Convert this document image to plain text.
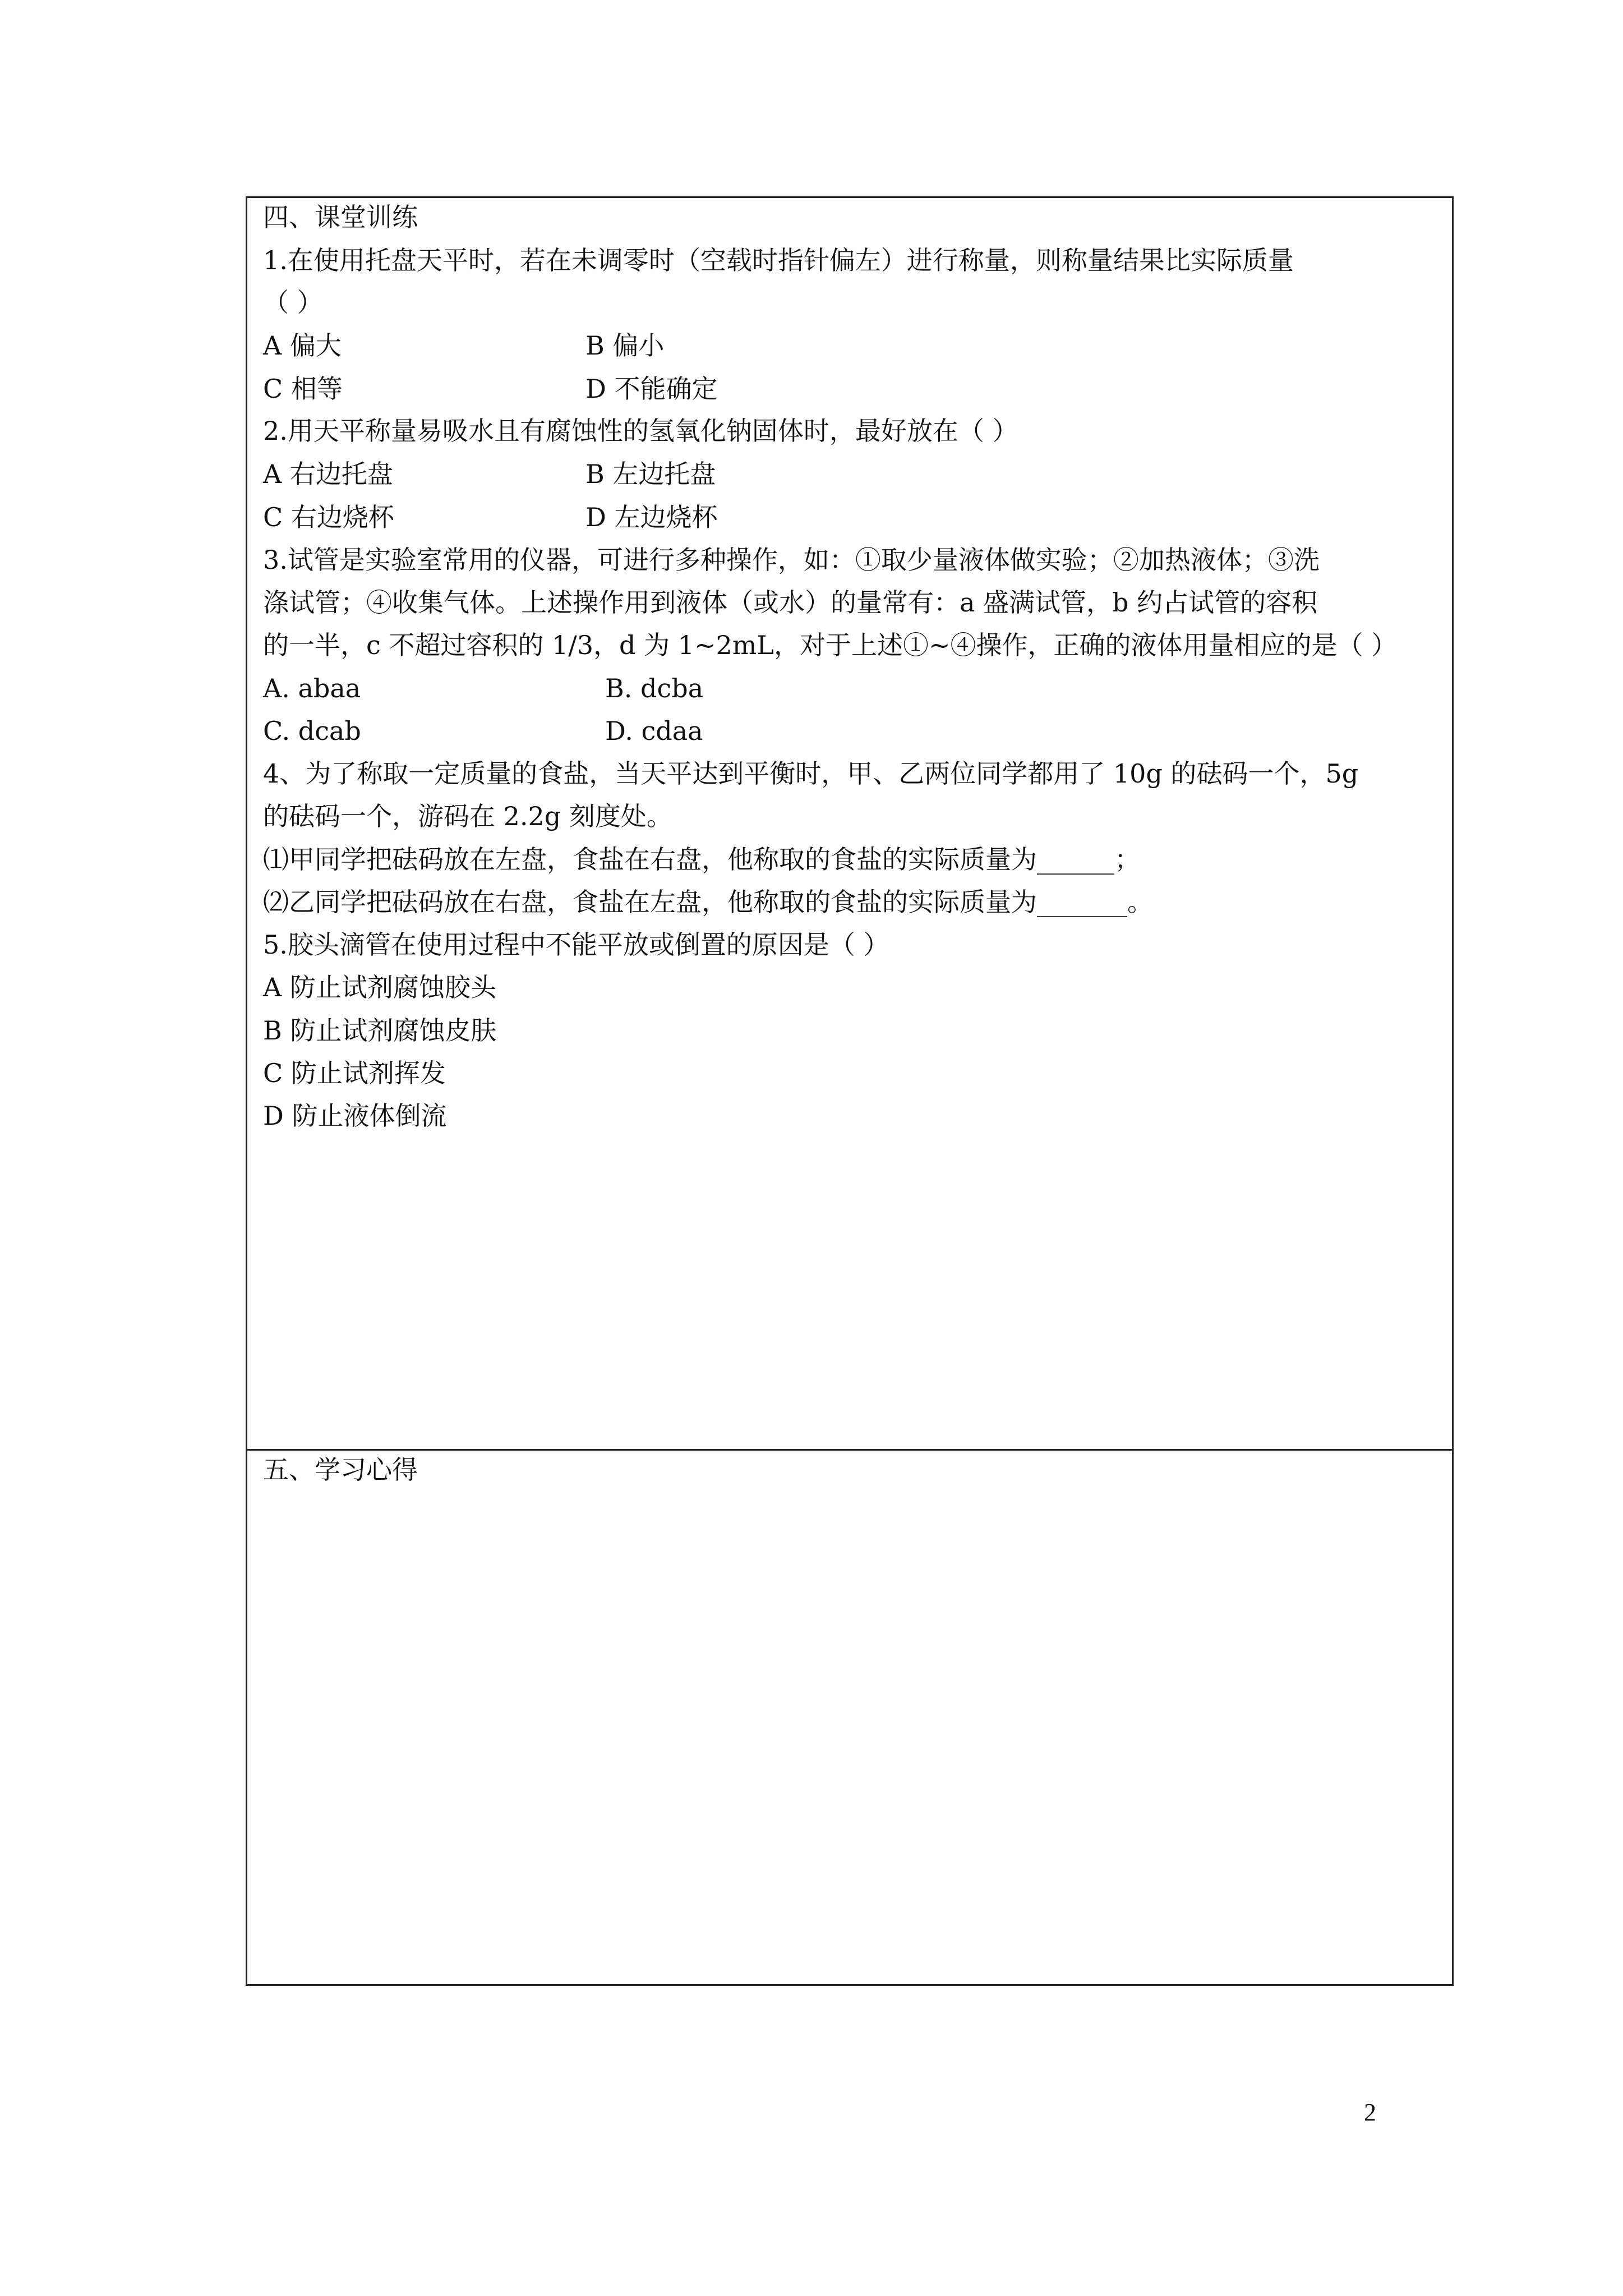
四、课堂训练
1.在使用托盘天平时，若在未调零时（空载时指针偏左）进行称量，则称量结果比实际质量
（ ）
A 偏大	B 偏小
C 相等	D 不能确定
2.用天平称量易吸水且有腐蚀性的氢氧化钠固体时，最好放在（ ）
A 右边托盘	B 左边托盘
C 右边烧杯	D 左边烧杯
3.试管是实验室常用的仪器，可进行多种操作，如：①取少量液体做实验；②加热液体；③洗
涤试管；④收集气体。上述操作用到液体（或水）的量常有：a 盛满试管，b 约占试管的容积
的一半，c 不超过容积的 1/3，d 为 1~2mL，对于上述①~④操作，正确的液体用量相应的是（ ）
A. abaa	B. dcba
C. dcab	D. cdaa
4、为了称取一定质量的食盐，当天平达到平衡时，甲、乙两位同学都用了 10g 的砝码一个，5g
的砝码一个，游码在 2.2g 刻度处。
⑴甲同学把砝码放在左盘，食盐在右盘，他称取的食盐的实际质量为______；
⑵乙同学把砝码放在右盘，食盐在左盘，他称取的食盐的实际质量为_______。
5.胶头滴管在使用过程中不能平放或倒置的原因是（ ）
A 防止试剂腐蚀胶头
B 防止试剂腐蚀皮肤
C 防止试剂挥发
D 防止液体倒流
五、学习心得
2
